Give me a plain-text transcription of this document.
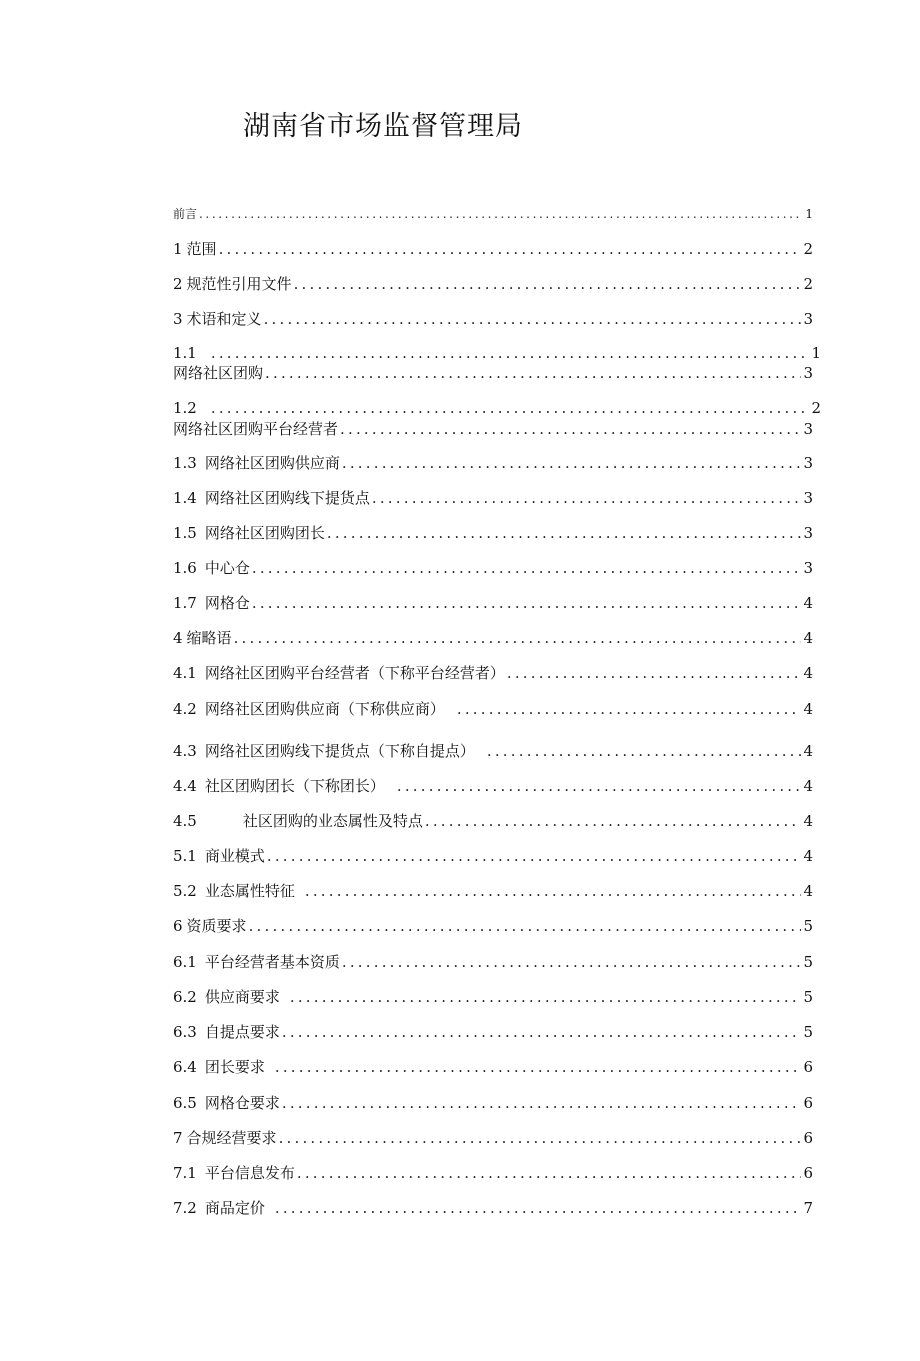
湖南省市场监督管理局
前言 .....	1
1 范围 .....	2
2 规范性引用文件 .....	2
3 术语和定义 .....	3
1.1 .....	1
网络社区团购 .....	3
1.2 .....	2
网络社区团购平台经营者 .....	3
1.3 网络社区团购供应商 .....	3
1.4 网络社区团购线下提货点 .....	3
1.5 网络社区团购团长 .....	3
1.6 中心仓 .....	3
1.7 网格仓 .....	4
4 缩略语 .....	4
4.1 网络社区团购平台经营者（下称平台经营者） .....	4
4.2 网络社区团购供应商（下称供应商） .....	4
4.3 网络社区团购线下提货点（下称自提点） .....	4
4.4 社区团购团长（下称团长） .....	4
4.5	社区团购的业态属性及特点 .....	4
5.1 商业模式 .....	4
5.2 业态属性特征 .....	4
6 资质要求 .....	5
6.1 平台经营者基本资质 .....	5
6.2 供应商要求 .....	5
6.3 自提点要求 .....	5
6.4 团长要求 .....	6
6.5 网格仓要求 .....	6
7 合规经营要求 .....	6
7.1 平台信息发布 .....	6
7.2 商品定价 .....	7
